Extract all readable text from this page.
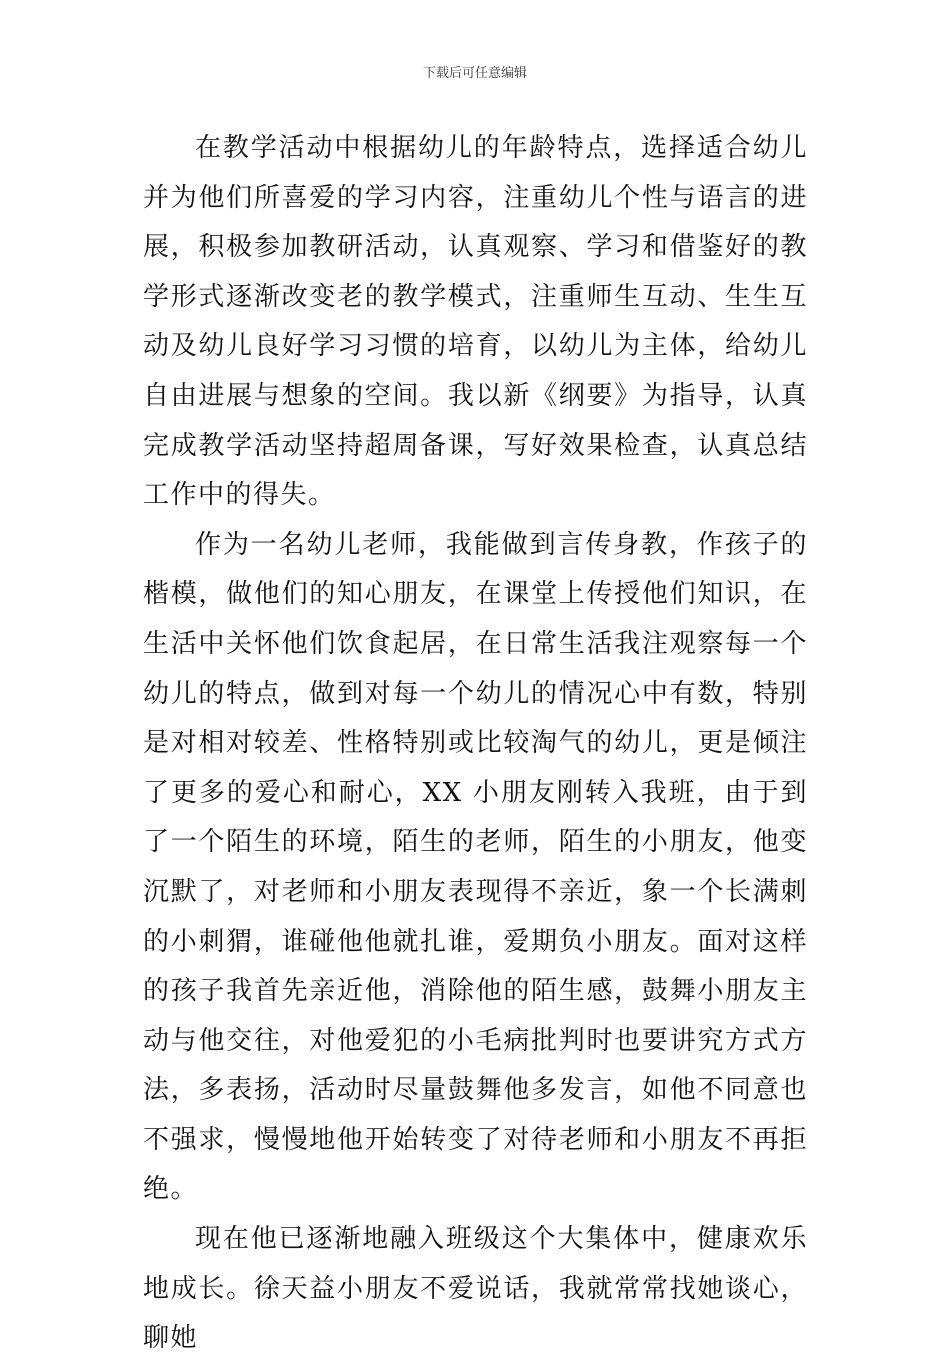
下载后可任意编辑

在教学活动中根据幼儿的年龄特点，选择适合幼儿并为他们所喜爱的学习内容，注重幼儿个性与语言的进展，积极参加教研活动，认真观察、学习和借鉴好的教学形式逐渐改变老的教学模式，注重师生互动、生生互动及幼儿良好学习习惯的培育，以幼儿为主体，给幼儿自由进展与想象的空间。我以新《纲要》为指导，认真完成教学活动坚持超周备课，写好效果检查，认真总结工作中的得失。

作为一名幼儿老师，我能做到言传身教，作孩子的楷模，做他们的知心朋友，在课堂上传授他们知识，在生活中关怀他们饮食起居，在日常生活我注观察每一个幼儿的特点，做到对每一个幼儿的情况心中有数，特别是对相对较差、性格特别或比较淘气的幼儿，更是倾注了更多的爱心和耐心，XX 小朋友刚转入我班，由于到了一个陌生的环境，陌生的老师，陌生的小朋友，他变沉默了，对老师和小朋友表现得不亲近，象一个长满刺的小刺猬，谁碰他他就扎谁，爱期负小朋友。面对这样的孩子我首先亲近他，消除他的陌生感，鼓舞小朋友主动与他交往，对他爱犯的小毛病批判时也要讲究方式方法，多表扬，活动时尽量鼓舞他多发言，如他不同意也不强求，慢慢地他开始转变了对待老师和小朋友不再拒绝。

现在他已逐渐地融入班级这个大集体中，健康欢乐地成长。徐天益小朋友不爱说话，我就常常找她谈心，聊她
